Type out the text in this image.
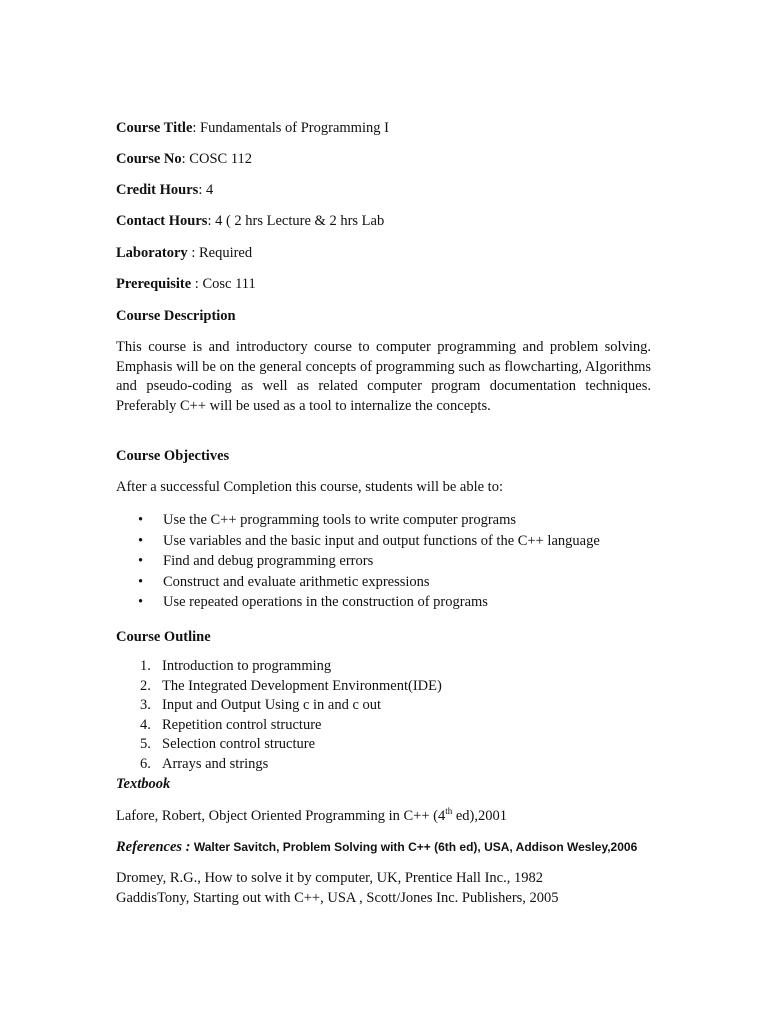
Course Title: Fundamentals of Programming I
Course No: COSC 112
Credit Hours: 4
Contact Hours: 4 ( 2 hrs Lecture & 2 hrs Lab
Laboratory : Required
Prerequisite : Cosc 111
Course Description
This course is and introductory course to computer programming and problem solving. Emphasis will be on the general concepts of programming such as flowcharting, Algorithms and pseudo-coding as well as related computer program documentation techniques. Preferably C++ will be used as a tool to internalize the concepts.
Course Objectives
After a successful Completion this course, students will be able to:
• Use the C++ programming tools to write computer programs
• Use variables and the basic input and output functions of the C++ language
• Find and debug programming errors
• Construct and evaluate arithmetic expressions
• Use repeated operations in the construction of programs
Course Outline
1. Introduction to programming
2. The Integrated Development Environment(IDE)
3. Input and Output Using c in and c out
4. Repetition control structure
5. Selection control structure
6. Arrays and strings
Textbook
Lafore, Robert, Object Oriented Programming in C++ (4th ed),2001
References : Walter Savitch, Problem Solving with C++ (6th ed), USA, Addison Wesley,2006
Dromey, R.G., How to solve it by computer, UK, Prentice Hall Inc., 1982
GaddisTony, Starting out with C++, USA , Scott/Jones Inc. Publishers, 2005
